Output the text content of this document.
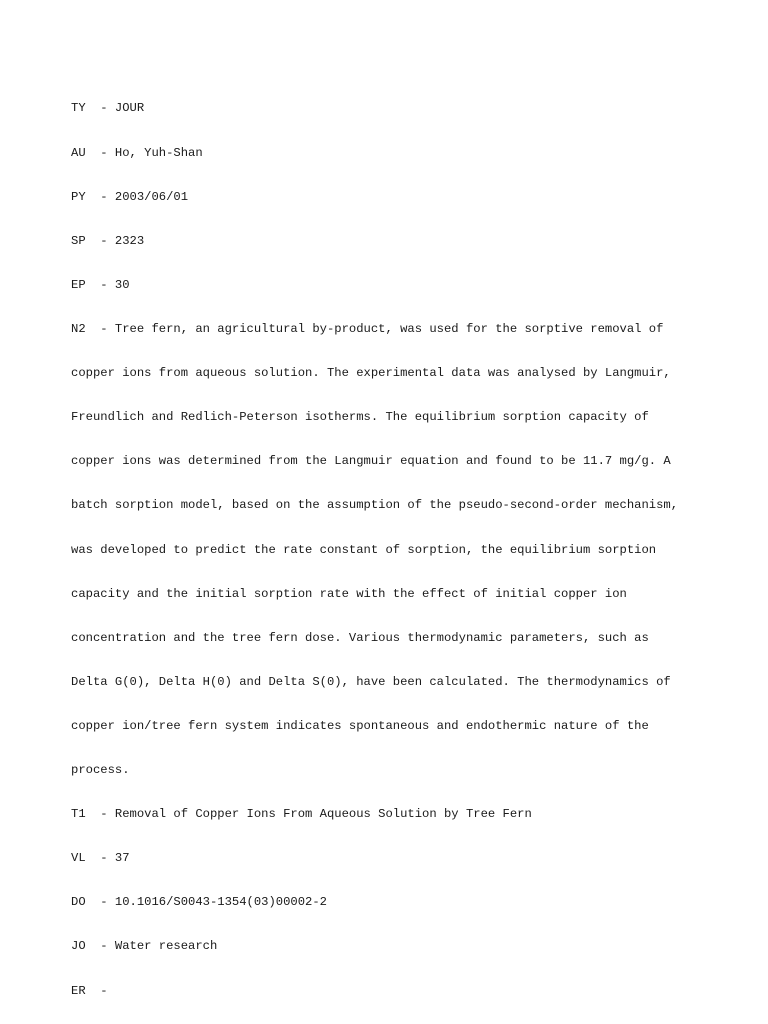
TY  - JOUR

AU  - Ho, Yuh-Shan

PY  - 2003/06/01

SP  - 2323

EP  - 30

N2  - Tree fern, an agricultural by-product, was used for the sorptive removal of

copper ions from aqueous solution. The experimental data was analysed by Langmuir,

Freundlich and Redlich-Peterson isotherms. The equilibrium sorption capacity of

copper ions was determined from the Langmuir equation and found to be 11.7 mg/g. A

batch sorption model, based on the assumption of the pseudo-second-order mechanism,

was developed to predict the rate constant of sorption, the equilibrium sorption

capacity and the initial sorption rate with the effect of initial copper ion

concentration and the tree fern dose. Various thermodynamic parameters, such as

Delta G(0), Delta H(0) and Delta S(0), have been calculated. The thermodynamics of

copper ion/tree fern system indicates spontaneous and endothermic nature of the

process.

T1  - Removal of Copper Ions From Aqueous Solution by Tree Fern

VL  - 37

DO  - 10.1016/S0043-1354(03)00002-2

JO  - Water research

ER  -
